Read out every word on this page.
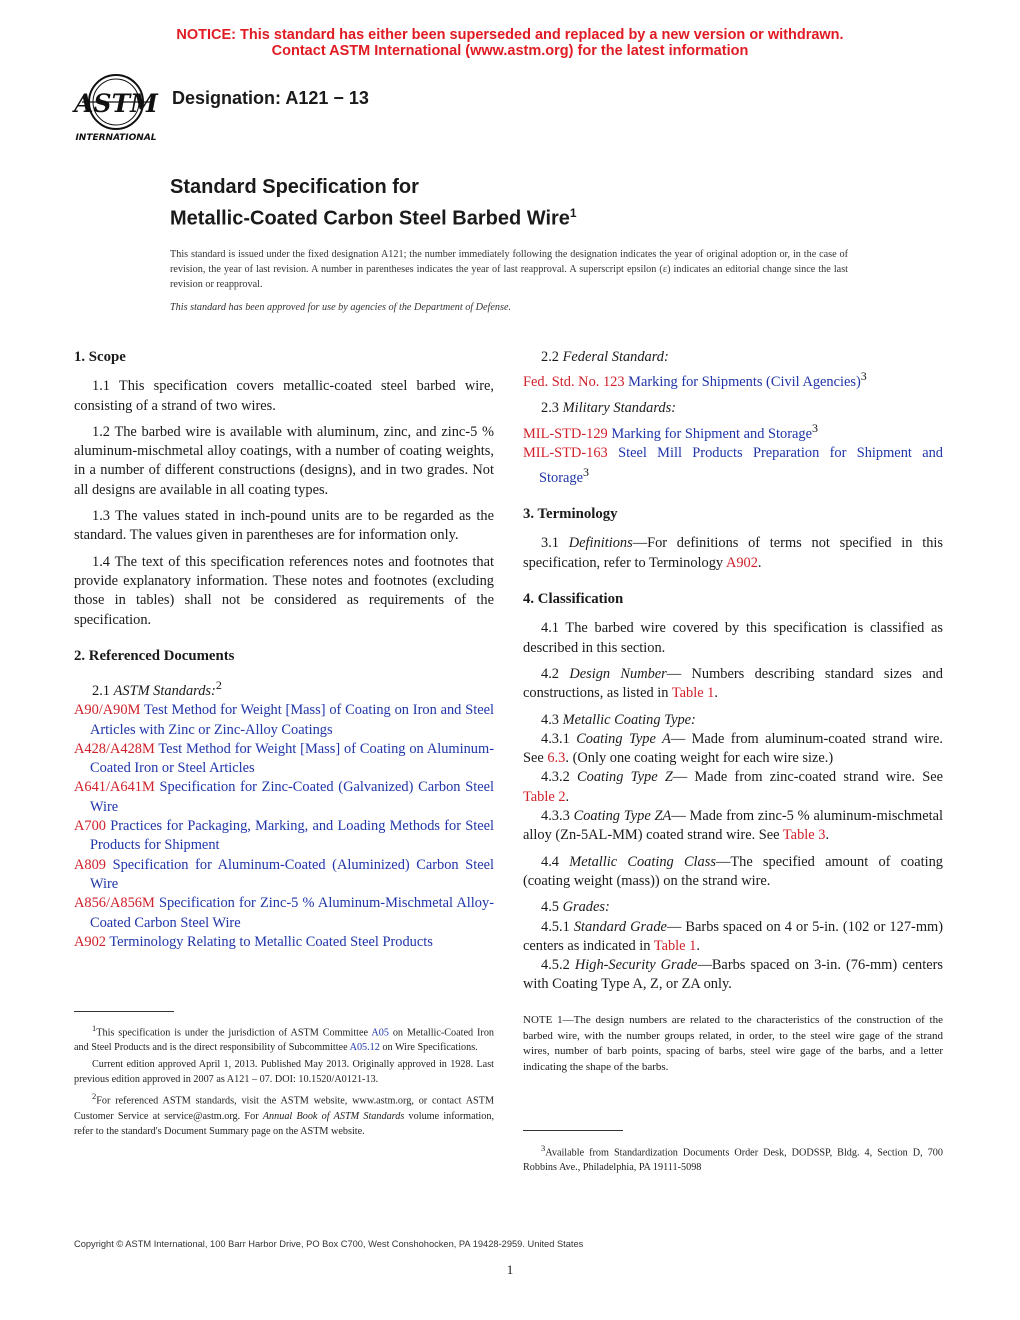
NOTICE: This standard has either been superseded and replaced by a new version or withdrawn.
Contact ASTM International (www.astm.org) for the latest information
ASTM
INTERNATIONAL
Designation: A121 − 13
Standard Specification for
Metallic-Coated Carbon Steel Barbed Wire$^1$
This standard is issued under the fixed designation A121; the number immediately following the designation indicates the year of original adoption or, in the case of revision, the year of last revision. A number in parentheses indicates the year of last reapproval. A superscript epsilon (ε) indicates an editorial change since the last revision or reapproval.
This standard has been approved for use by agencies of the Department of Defense.
1. Scope

1.1 This specification covers metallic-coated steel barbed wire, consisting of a strand of two wires.

1.2 The barbed wire is available with aluminum, zinc, and zinc-5 % aluminum-mischmetal alloy coatings, with a number of coating weights, in a number of different constructions (designs), and in two grades. Not all designs are available in all coating types.

1.3 The values stated in inch-pound units are to be regarded as the standard. The values given in parentheses are for information only.

1.4 The text of this specification references notes and footnotes that provide explanatory information. These notes and footnotes (excluding those in tables) shall not be considered as requirements of the specification.

2. Referenced Documents
2.1 ASTM Standards:$^2$
A90/A90M Test Method for Weight [Mass] of Coating on Iron and Steel Articles with Zinc or Zinc-Alloy Coatings
A428/A428M Test Method for Weight [Mass] of Coating on Aluminum-Coated Iron or Steel Articles
A641/A641M Specification for Zinc-Coated (Galvanized) Carbon Steel Wire
A700 Practices for Packaging, Marking, and Loading Methods for Steel Products for Shipment
A809 Specification for Aluminum-Coated (Aluminized) Carbon Steel Wire
A856/A856M Specification for Zinc-5 % Aluminum-Mischmetal Alloy-Coated Carbon Steel Wire
A902 Terminology Relating to Metallic Coated Steel Products
2.2 Federal Standard:
Fed. Std. No. 123 Marking for Shipments (Civil Agencies)$^3$
2.3 Military Standards:
MIL-STD-129 Marking for Shipment and Storage$^3$
MIL-STD-163 Steel Mill Products Preparation for Shipment and Storage$^3$
3. Terminology

3.1 Definitions—For definitions of terms not specified in this specification, refer to Terminology A902.

4. Classification

4.1 The barbed wire covered by this specification is classified as described in this section.

4.2 Design Number— Numbers describing standard sizes and constructions, as listed in Table 1.

4.3 Metallic Coating Type:

4.3.1 Coating Type A— Made from aluminum-coated strand wire. See 6.3. (Only one coating weight for each wire size.)

4.3.2 Coating Type Z— Made from zinc-coated strand wire. See Table 2.

4.3.3 Coating Type ZA— Made from zinc-5 % aluminum-mischmetal alloy (Zn-5AL-MM) coated strand wire. See Table 3.

4.4 Metallic Coating Class—The specified amount of coating (coating weight (mass)) on the strand wire.

4.5 Grades:

4.5.1 Standard Grade— Barbs spaced on 4 or 5-in. (102 or 127-mm) centers as indicated in Table 1.

4.5.2 High-Security Grade—Barbs spaced on 3-in. (76-mm) centers with Coating Type A, Z, or ZA only.

$^1$This specification is under the jurisdiction of ASTM Committee A05 on Metallic-Coated Iron and Steel Products and is the direct responsibility of Subcommittee A05.12 on Wire Specifications.

Current edition approved April 1, 2013. Published May 2013. Originally approved in 1928. Last previous edition approved in 2007 as A121 – 07. DOI: 10.1520/A0121-13.

$^2$For referenced ASTM standards, visit the ASTM website, www.astm.org, or contact ASTM Customer Service at service@astm.org. For Annual Book of ASTM Standards volume information, refer to the standard's Document Summary page on the ASTM website.

NOTE 1—The design numbers are related to the characteristics of the construction of the barbed wire, with the number groups related, in order, to the steel wire gage of the strand wires, number of barb points, spacing of barbs, steel wire gage of the barbs, and a letter indicating the shape of the barbs.

$^3$Available from Standardization Documents Order Desk, DODSSP, Bldg. 4, Section D, 700 Robbins Ave., Philadelphia, PA 19111-5098

Copyright © ASTM International, 100 Barr Harbor Drive, PO Box C700, West Conshohocken, PA 19428-2959. United States
1
